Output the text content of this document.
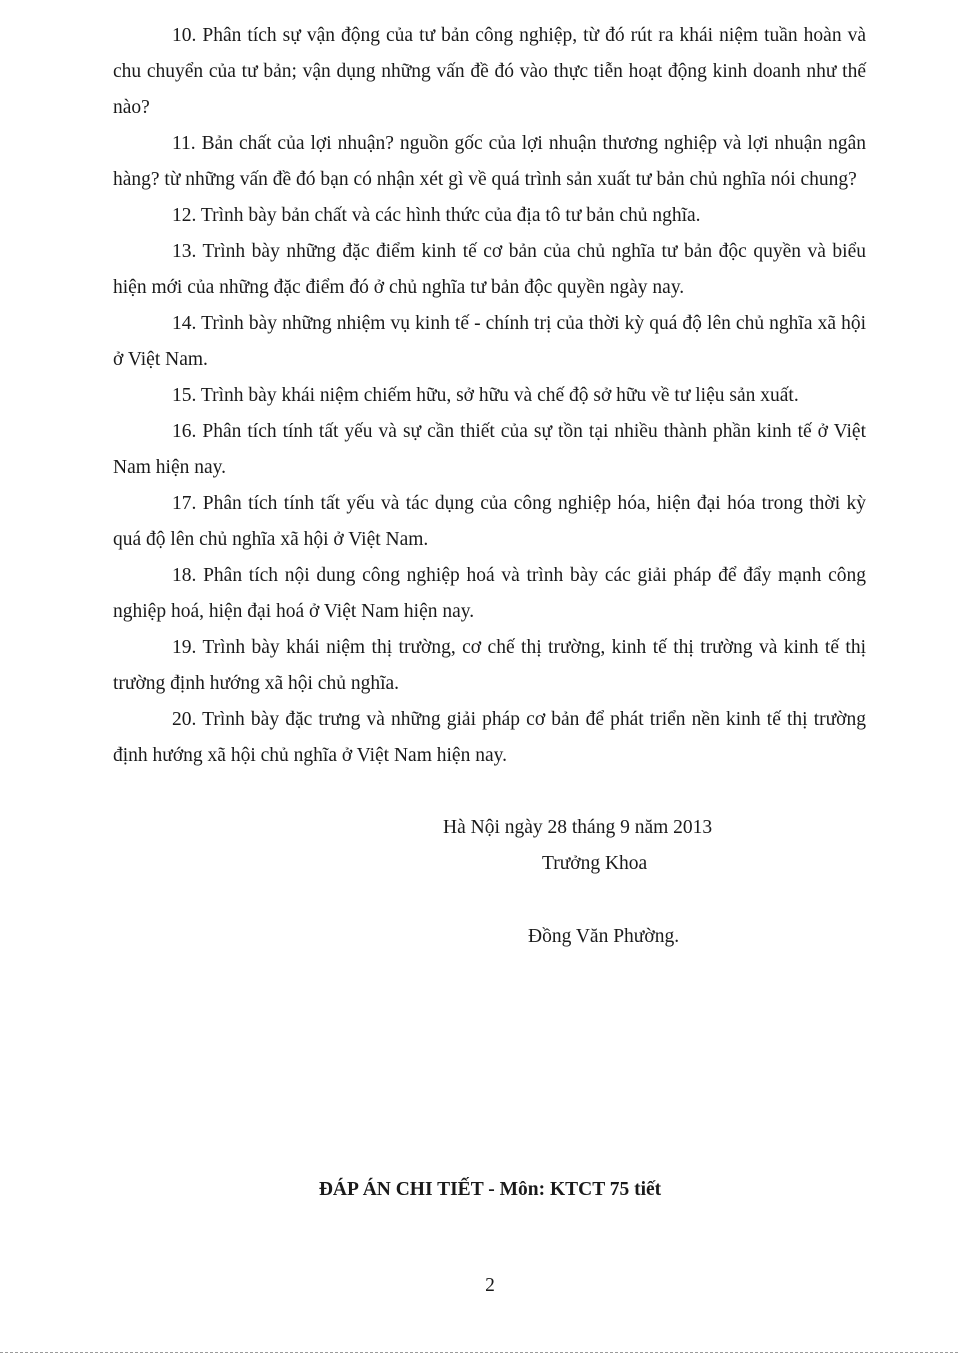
10. Phân tích sự vận động của tư bản công nghiệp, từ đó rút ra khái niệm tuần hoàn và chu chuyển của tư bản; vận dụng những vấn đề đó vào thực tiễn hoạt động kinh doanh như thế nào?

11. Bản chất của lợi nhuận? nguồn gốc của lợi nhuận thương nghiệp và lợi nhuận ngân hàng? từ những vấn đề đó bạn có nhận xét gì về quá trình sản xuất tư bản chủ nghĩa nói chung?

12. Trình bày bản chất và các hình thức của địa tô tư bản chủ nghĩa.

13. Trình bày những đặc điểm kinh tế cơ bản của chủ nghĩa tư bản độc quyền và biểu hiện mới của những đặc điểm đó ở chủ nghĩa tư bản độc quyền ngày nay.

14. Trình bày những nhiệm vụ kinh tế - chính trị của thời kỳ quá độ lên chủ nghĩa xã hội ở Việt Nam.

15. Trình bày khái niệm chiếm hữu, sở hữu và chế độ sở hữu về tư liệu sản xuất.

16. Phân tích tính tất yếu và sự cần thiết của sự tồn tại nhiều thành phần kinh tế ở Việt Nam hiện nay.

17. Phân tích tính tất yếu và tác dụng của công nghiệp hóa, hiện đại hóa trong thời kỳ quá độ lên chủ nghĩa xã hội ở Việt Nam.

18. Phân tích nội dung công nghiệp hoá và trình bày các giải pháp để đẩy mạnh công nghiệp hoá, hiện đại hoá ở Việt Nam hiện nay.

19. Trình bày khái niệm thị trường, cơ chế thị trường, kinh tế thị trường và kinh tế thị trường định hướng xã hội chủ nghĩa.

20. Trình bày đặc trưng và những giải pháp cơ bản để phát triển nền kinh tế thị trường định hướng xã hội chủ nghĩa ở Việt Nam hiện nay.

Hà Nội ngày 28 tháng 9 năm 2013
Trưởng Khoa
Đồng Văn Phường.
ĐÁP ÁN CHI TIẾT - Môn: KTCT 75 tiết
2
